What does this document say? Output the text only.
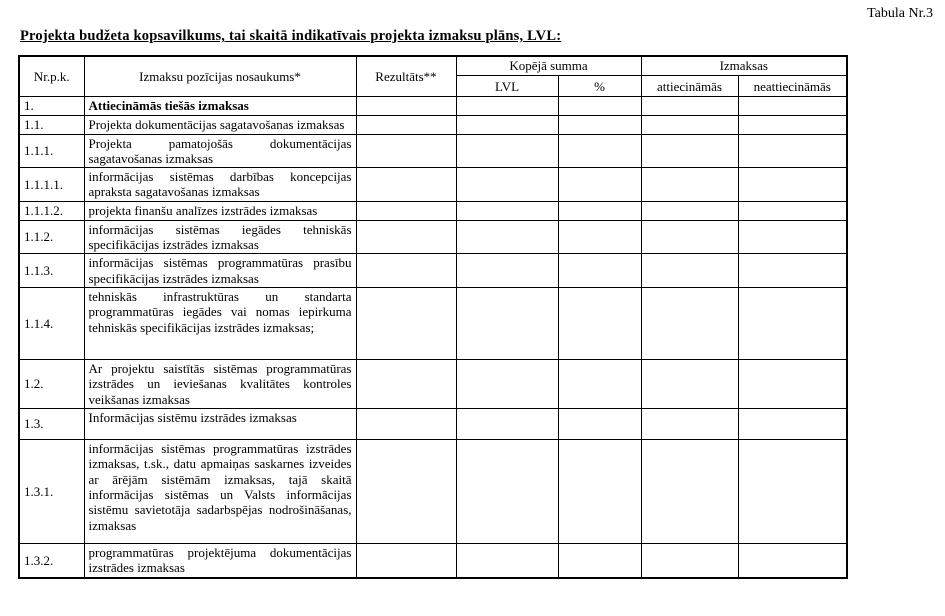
Tabula Nr.3
Projekta budžeta kopsavilkums, tai skaitā indikatīvais projekta izmaksu plāns, LVL:
Nr.p.k.	Izmaksu pozīcijas nosaukums*	Rezultāts**	Kopējā summa		Izmaksas	
			LVL	%	attiecināmās	neattiecināmās
1.	Attiecināmās tiešās izmaksas					
1.1.	Projekta dokumentācijas sagatavošanas izmaksas					
1.1.1.	Projekta pamatojošās dokumentācijas sagatavošanas izmaksas					
1.1.1.1.	informācijas sistēmas darbības koncepcijas apraksta sagatavošanas izmaksas					
1.1.1.2.	projekta finanšu analīzes izstrādes izmaksas					
1.1.2.	informācijas sistēmas iegādes tehniskās specifikācijas izstrādes izmaksas					
1.1.3.	informācijas sistēmas programmatūras prasību specifikācijas izstrādes izmaksas					
1.1.4.	tehniskās infrastruktūras un standarta programmatūras iegādes vai nomas iepirkuma tehniskās specifikācijas izstrādes izmaksas;					
1.2.	Ar projektu saistītās sistēmas programmatūras izstrādes un ieviešanas kvalitātes kontroles veikšanas izmaksas					
1.3.	Informācijas sistēmu izstrādes izmaksas					
1.3.1.	informācijas sistēmas programmatūras izstrādes izmaksas, t.sk., datu apmaiņas saskarnes izveides ar ārējām sistēmām izmaksas, tajā skaitā informācijas sistēmas un Valsts informācijas sistēmu savietotāja sadarbspējas nodrošināšanas, izmaksas					
1.3.2.	programmatūras projektējuma dokumentācijas izstrādes izmaksas					
